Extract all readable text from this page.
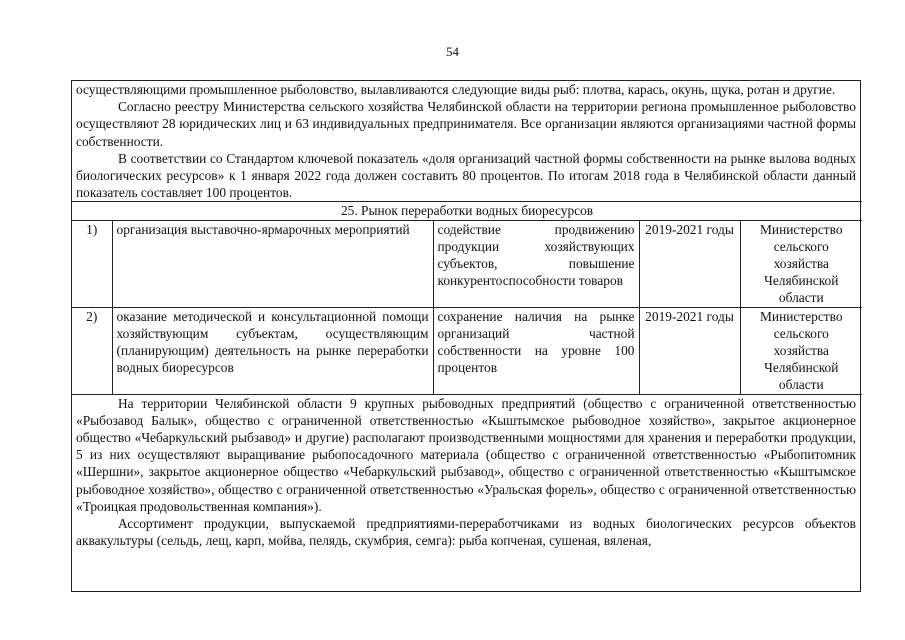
54

осуществляющими промышленное рыболовство, вылавливаются следующие виды рыб: плотва, карась, окунь, щука, ротан и другие.

Согласно реестру Министерства сельского хозяйства Челябинской области на территории региона промышленное рыболовство осуществляют 28 юридических лиц и 63 индивидуальных предпринимателя. Все организации являются организациями частной формы собственности.

В соответствии со Стандартом ключевой показатель «доля организаций частной формы собственности на рынке вылова водных биологических ресурсов» к 1 января 2022 года должен составить 80 процентов. По итогам 2018 года в Челябинской области данный показатель составляет 100 процентов.

25. Рынок переработки водных биоресурсов				
1)	организация выставочно-ярмарочных мероприятий	содействие продвижению продукции хозяйствующих субъектов, повышение конкурентоспособности товаров	2019-2021 годы	Министерство сельского хозяйства Челябинской области
2)	оказание методической и консультационной помощи хозяйствующим субъектам, осуществляющим (планирующим) деятельность на рынке переработки водных биоресурсов	сохранение наличия на рынке организаций частной собственности на уровне 100 процентов	2019-2021 годы	Министерство сельского хозяйства Челябинской области

На территории Челябинской области 9 крупных рыбоводных предприятий (общество с ограниченной ответственностью «Рыбозавод Балык», общество с ограниченной ответственностью «Кыштымское рыбоводное хозяйство», закрытое акционерное общество «Чебаркульский рыбзавод» и другие) располагают производственными мощностями для хранения и переработки продукции, 5 из них осуществляют выращивание рыбопосадочного материала (общество с ограниченной ответственностью «Рыбопитомник «Шершни», закрытое акционерное общество «Чебаркульский рыбзавод», общество с ограниченной ответственностью «Кыштымское рыбоводное хозяйство», общество с ограниченной ответственностью «Уральская форель», общество с ограниченной ответственностью «Троицкая продовольственная компания»).

Ассортимент продукции, выпускаемой предприятиями-переработчиками из водных биологических ресурсов объектов аквакультуры (сельдь, лещ, карп, мойва, пелядь, скумбрия, семга): рыба копченая, сушеная, вяленая,
